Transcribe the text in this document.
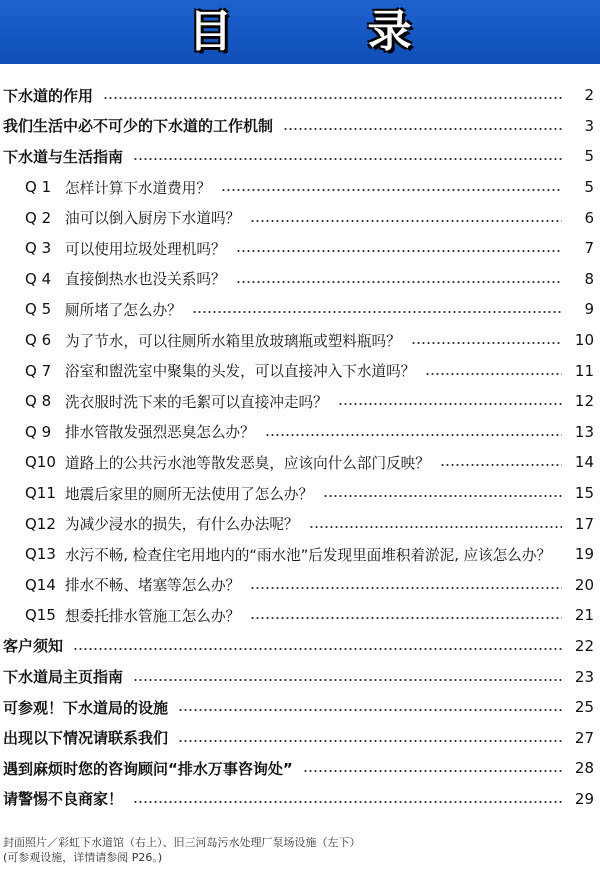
目 录
下水道的作用	2
我们生活中必不可少的下水道的工作机制	3
下水道与生活指南	5
Q 1 怎样计算下水道费用？	5
Q 2 油可以倒入厨房下水道吗？	6
Q 3 可以使用垃圾处理机吗？	7
Q 4 直接倒热水也没关系吗？	8
Q 5 厕所堵了怎么办？	9
Q 6 为了节水，可以往厕所水箱里放玻璃瓶或塑料瓶吗？	10
Q 7 浴室和盥洗室中聚集的头发，可以直接冲入下水道吗？	11
Q 8 洗衣服时洗下来的毛絮可以直接冲走吗？	12
Q 9 排水管散发强烈恶臭怎么办？	13
Q10 道路上的公共污水池等散发恶臭，应该向什么部门反映？	14
Q11 地震后家里的厕所无法使用了怎么办？	15
Q12 为减少浸水的损失，有什么办法呢？	17
Q13 水污不畅, 检查住宅用地内的“雨水池”后发现里面堆积着淤泥, 应该怎么办？	19
Q14 排水不畅、堵塞等怎么办？	20
Q15 想委托排水管施工怎么办？	21
客户须知	22
下水道局主页指南	23
可参观！下水道局的设施	25
出现以下情况请联系我们	27
遇到麻烦时您的咨询顾问“排水万事咨询处”	28
请警惕不良商家！	29
封面照片／彩虹下水道馆（右上）、旧三河岛污水处理厂泵场设施（左下）
(可参观设施，详情请参阅 P26。)
